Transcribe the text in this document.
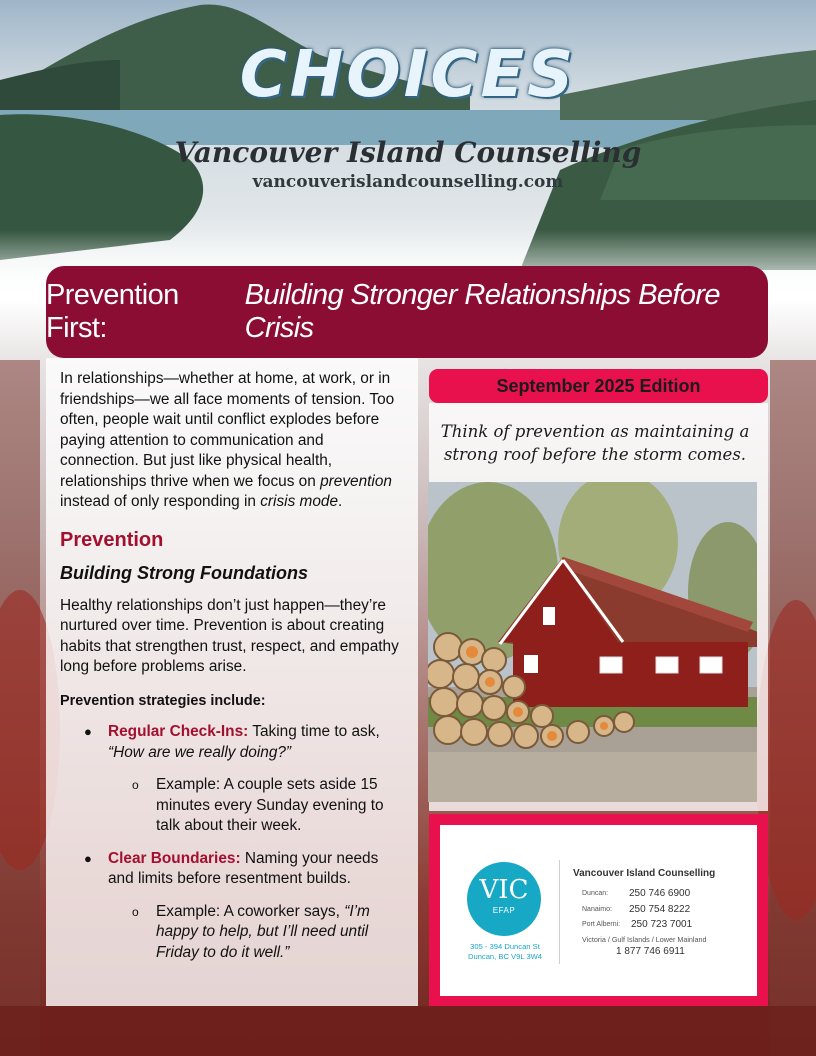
CHOICES
Vancouver Island Counselling
vancouverislandcounselling.com
Prevention First:
Building Stronger Relationships Before Crisis

In relationships—whether at home, at work, or in friendships—we all face moments of tension. Too often, people wait until conflict explodes before paying attention to communication and connection. But just like physical health, relationships thrive when we focus on prevention instead of only responding in crisis mode.

Prevention
Building Strong Foundations

Healthy relationships don’t just happen—they’re nurtured over time. Prevention is about creating habits that strengthen trust, respect, and empathy long before problems arise.

Prevention strategies include:

● Regular Check-Ins: Taking time to ask, “How are we really doing?”
o Example: A couple sets aside 15 minutes every Sunday evening to talk about their week.
● Clear Boundaries: Naming your needs and limits before resentment builds.
o Example: A coworker says, “I’m happy to help, but I’ll need until Friday to do it well.”
September 2025 Edition
Think of prevention as maintaining a strong roof before the storm comes.
VIC
EFAP
305 - 394 Duncan St
Duncan, BC V9L 3W4
Vancouver Island Counselling
Duncan: 250 746 6900
Nanaimo: 250 754 8222
Port Alberni: 250 723 7001
Victoria / Gulf Islands / Lower Mainland
1 877 746 6911
